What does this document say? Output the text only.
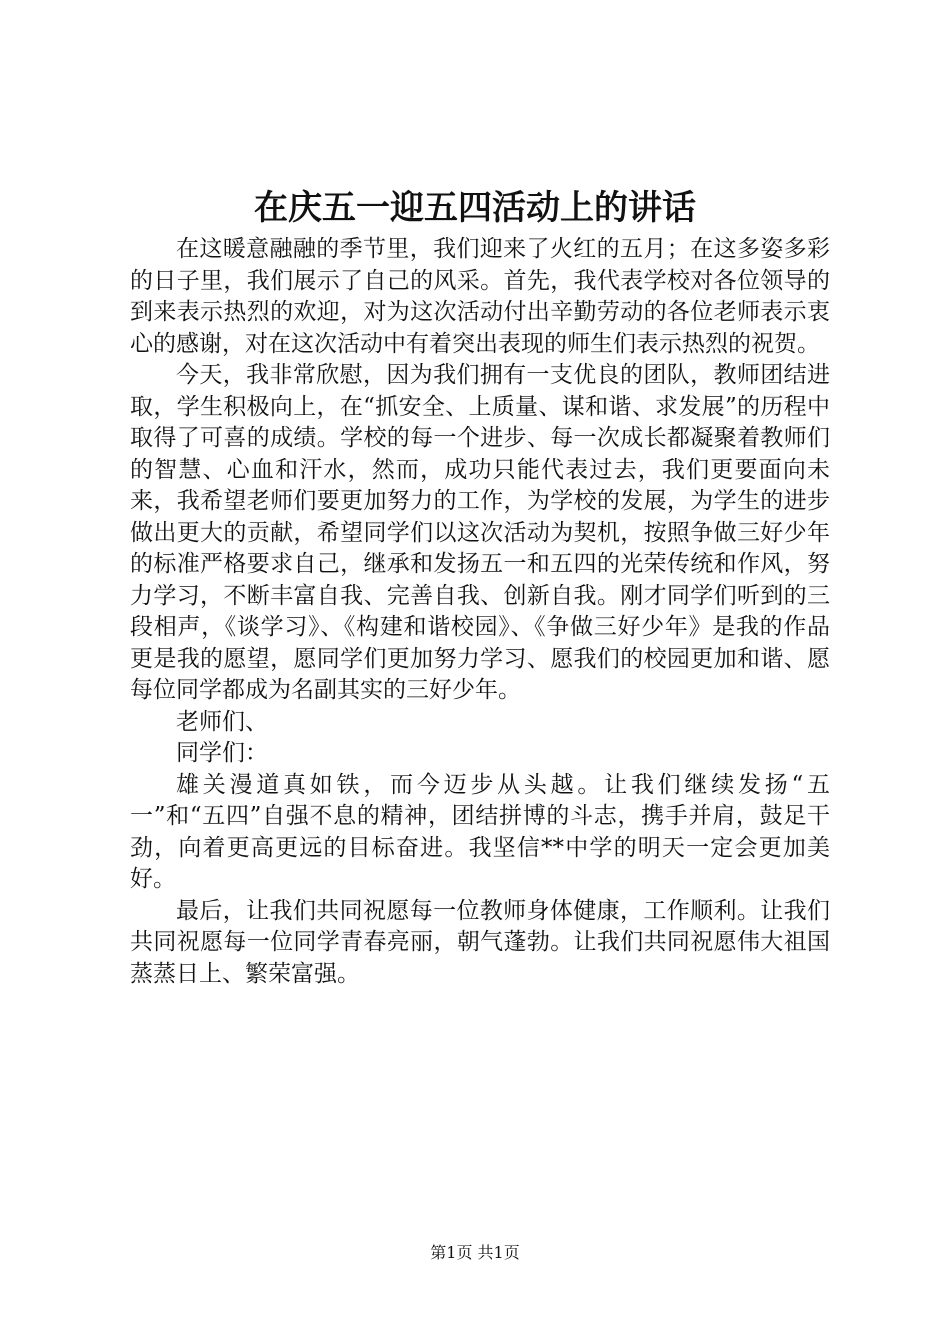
在庆五一迎五四活动上的讲话

在这暖意融融的季节里，我们迎来了火红的五月；在这多姿多彩的日子里，我们展示了自己的风采。首先，我代表学校对各位领导的到来表示热烈的欢迎，对为这次活动付出辛勤劳动的各位老师表示衷心的感谢，对在这次活动中有着突出表现的师生们表示热烈的祝贺。

今天，我非常欣慰，因为我们拥有一支优良的团队，教师团结进取，学生积极向上，在“抓安全、上质量、谋和谐、求发展”的历程中取得了可喜的成绩。学校的每一个进步、每一次成长都凝聚着教师们的智慧、心血和汗水，然而，成功只能代表过去，我们更要面向未来，我希望老师们要更加努力的工作，为学校的发展，为学生的进步做出更大的贡献，希望同学们以这次活动为契机，按照争做三好少年的标准严格要求自己，继承和发扬五一和五四的光荣传统和作风，努力学习，不断丰富自我、完善自我、创新自我。刚才同学们听到的三段相声，《谈学习》、《构建和谐校园》、《争做三好少年》是我的作品更是我的愿望，愿同学们更加努力学习、愿我们的校园更加和谐、愿每位同学都成为名副其实的三好少年。

老师们、

同学们：

雄关漫道真如铁，而今迈步从头越。让我们继续发扬“五一”和“五四”自强不息的精神，团结拼博的斗志，携手并肩，鼓足干劲，向着更高更远的目标奋进。我坚信**中学的明天一定会更加美好。

最后，让我们共同祝愿每一位教师身体健康，工作顺利。让我们共同祝愿每一位同学青春亮丽，朝气蓬勃。让我们共同祝愿伟大祖国蒸蒸日上、繁荣富强。

第1页 共1页
